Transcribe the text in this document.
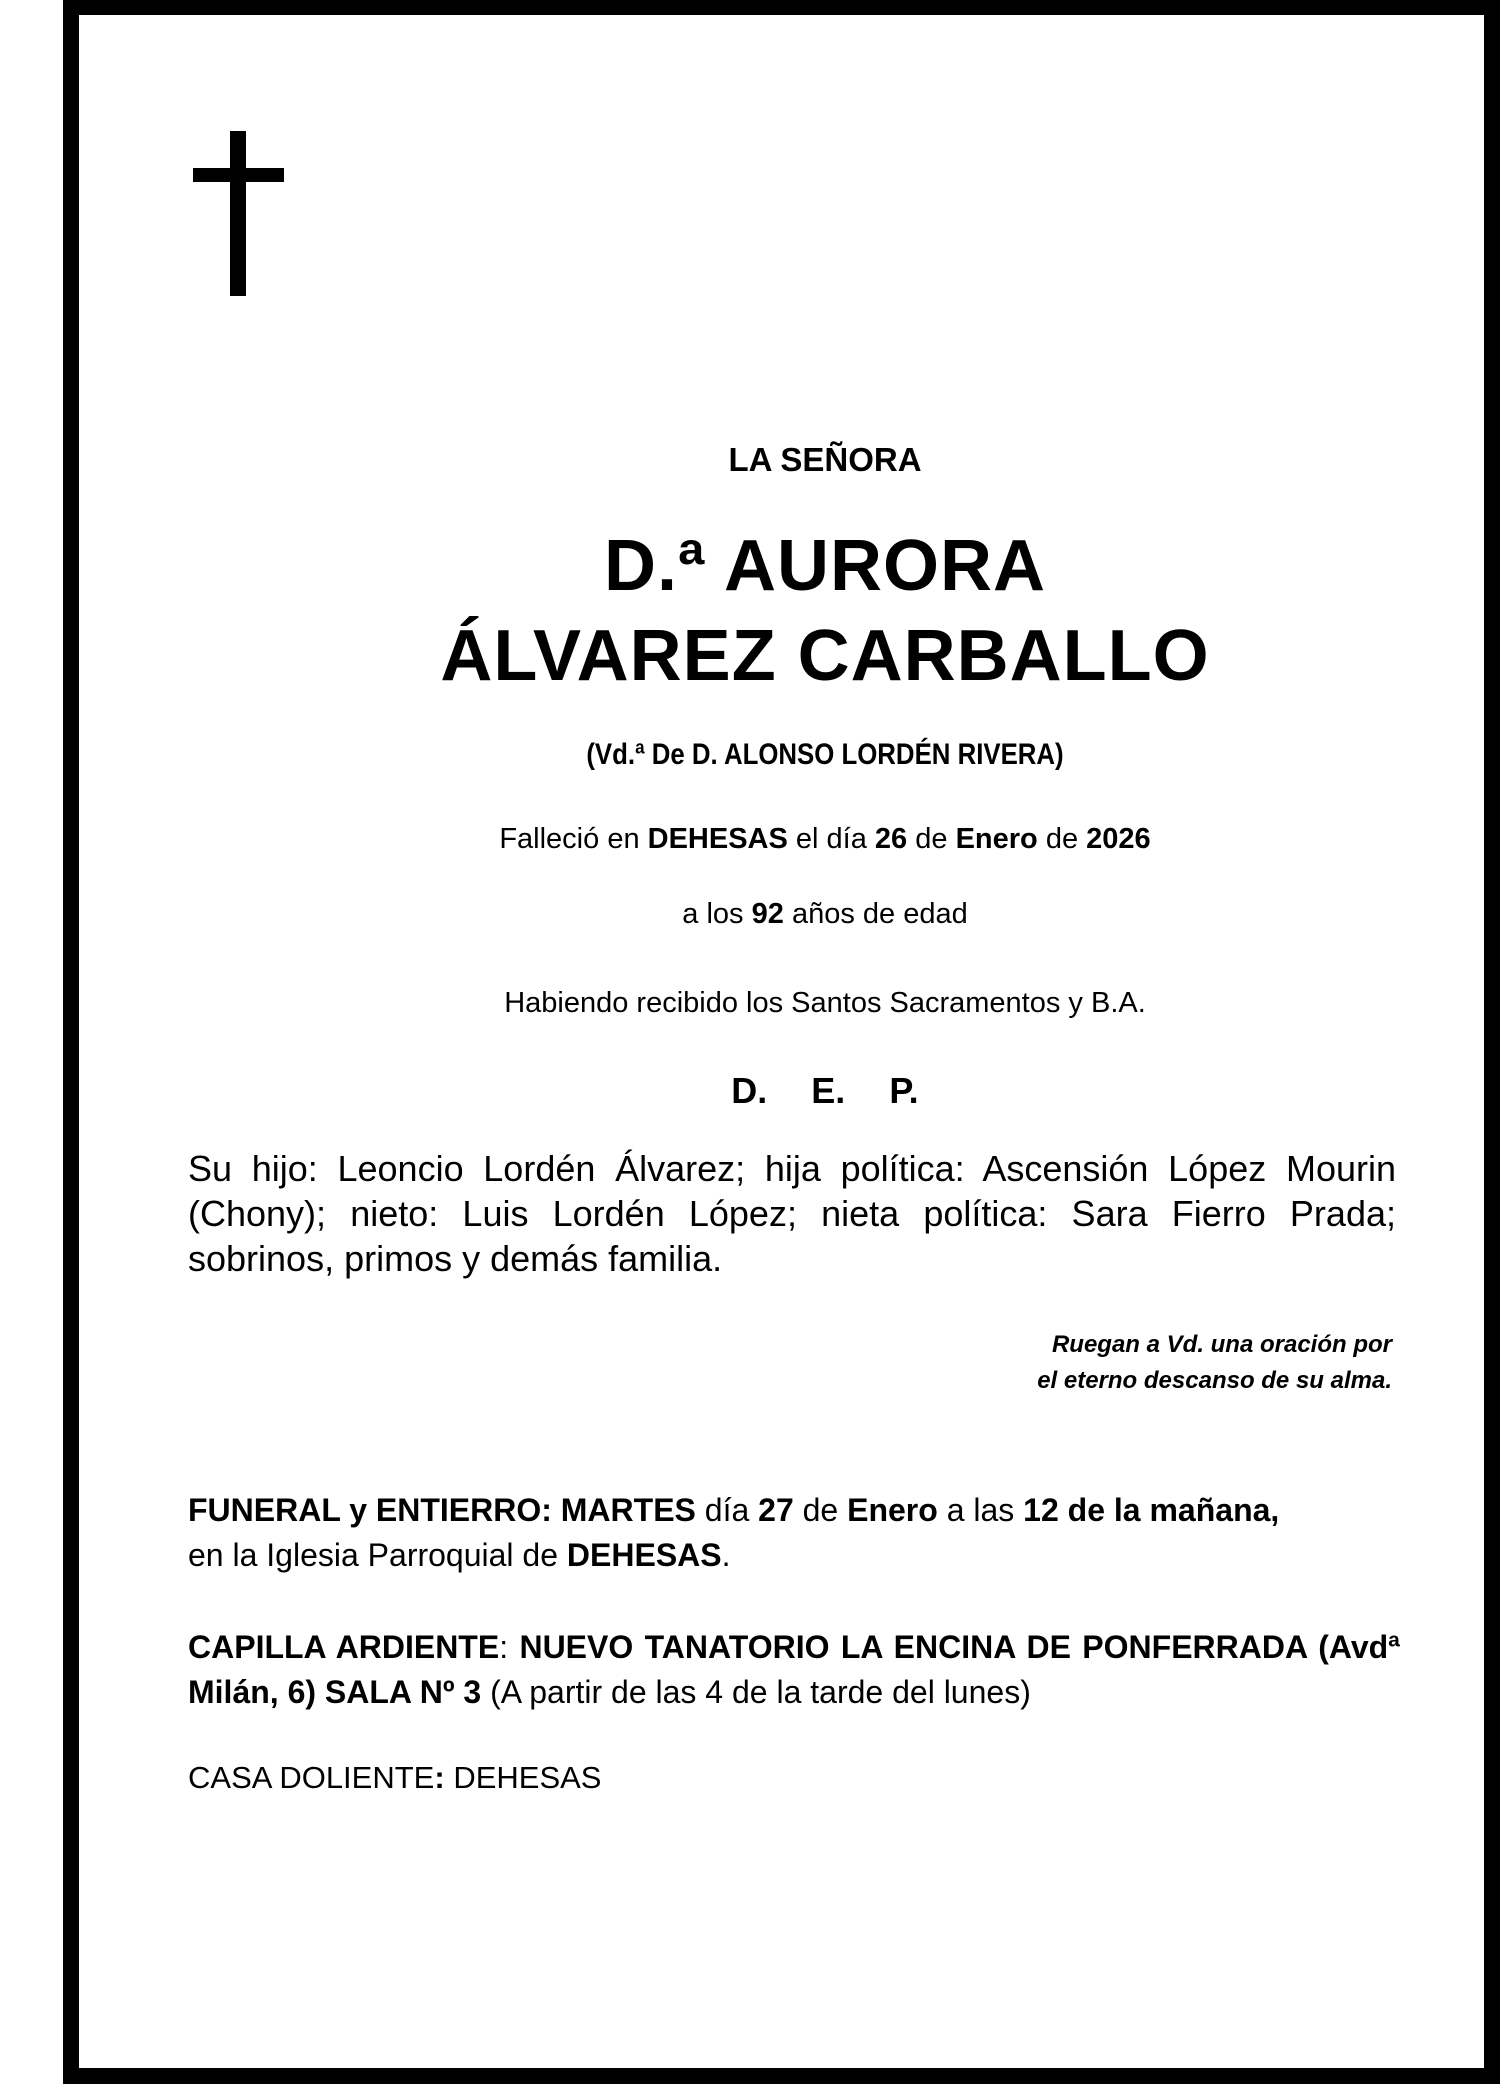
LA SEÑORA
D.ª AURORA
ÁLVAREZ CARBALLO
(Vd.ª De D. ALONSO LORDÉN RIVERA)
Falleció en DEHESAS el día 26 de Enero de 2026
a los 92 años de edad
Habiendo recibido los Santos Sacramentos y B.A.
D. E. P.
Su hijo: Leoncio Lordén Álvarez; hija política: Ascensión López Mourin (Chony); nieto: Luis Lordén López; nieta política: Sara Fierro Prada; sobrinos, primos y demás familia.
Ruegan a Vd. una oración por
el eterno descanso de su alma.
FUNERAL y ENTIERRO: MARTES día 27 de Enero a las 12 de la mañana,
en la Iglesia Parroquial de DEHESAS.
CAPILLA ARDIENTE: NUEVO TANATORIO LA ENCINA DE PONFERRADA (Avdª Milán, 6) SALA Nº 3 (A partir de las 4 de la tarde del lunes)
CASA DOLIENTE: DEHESAS
